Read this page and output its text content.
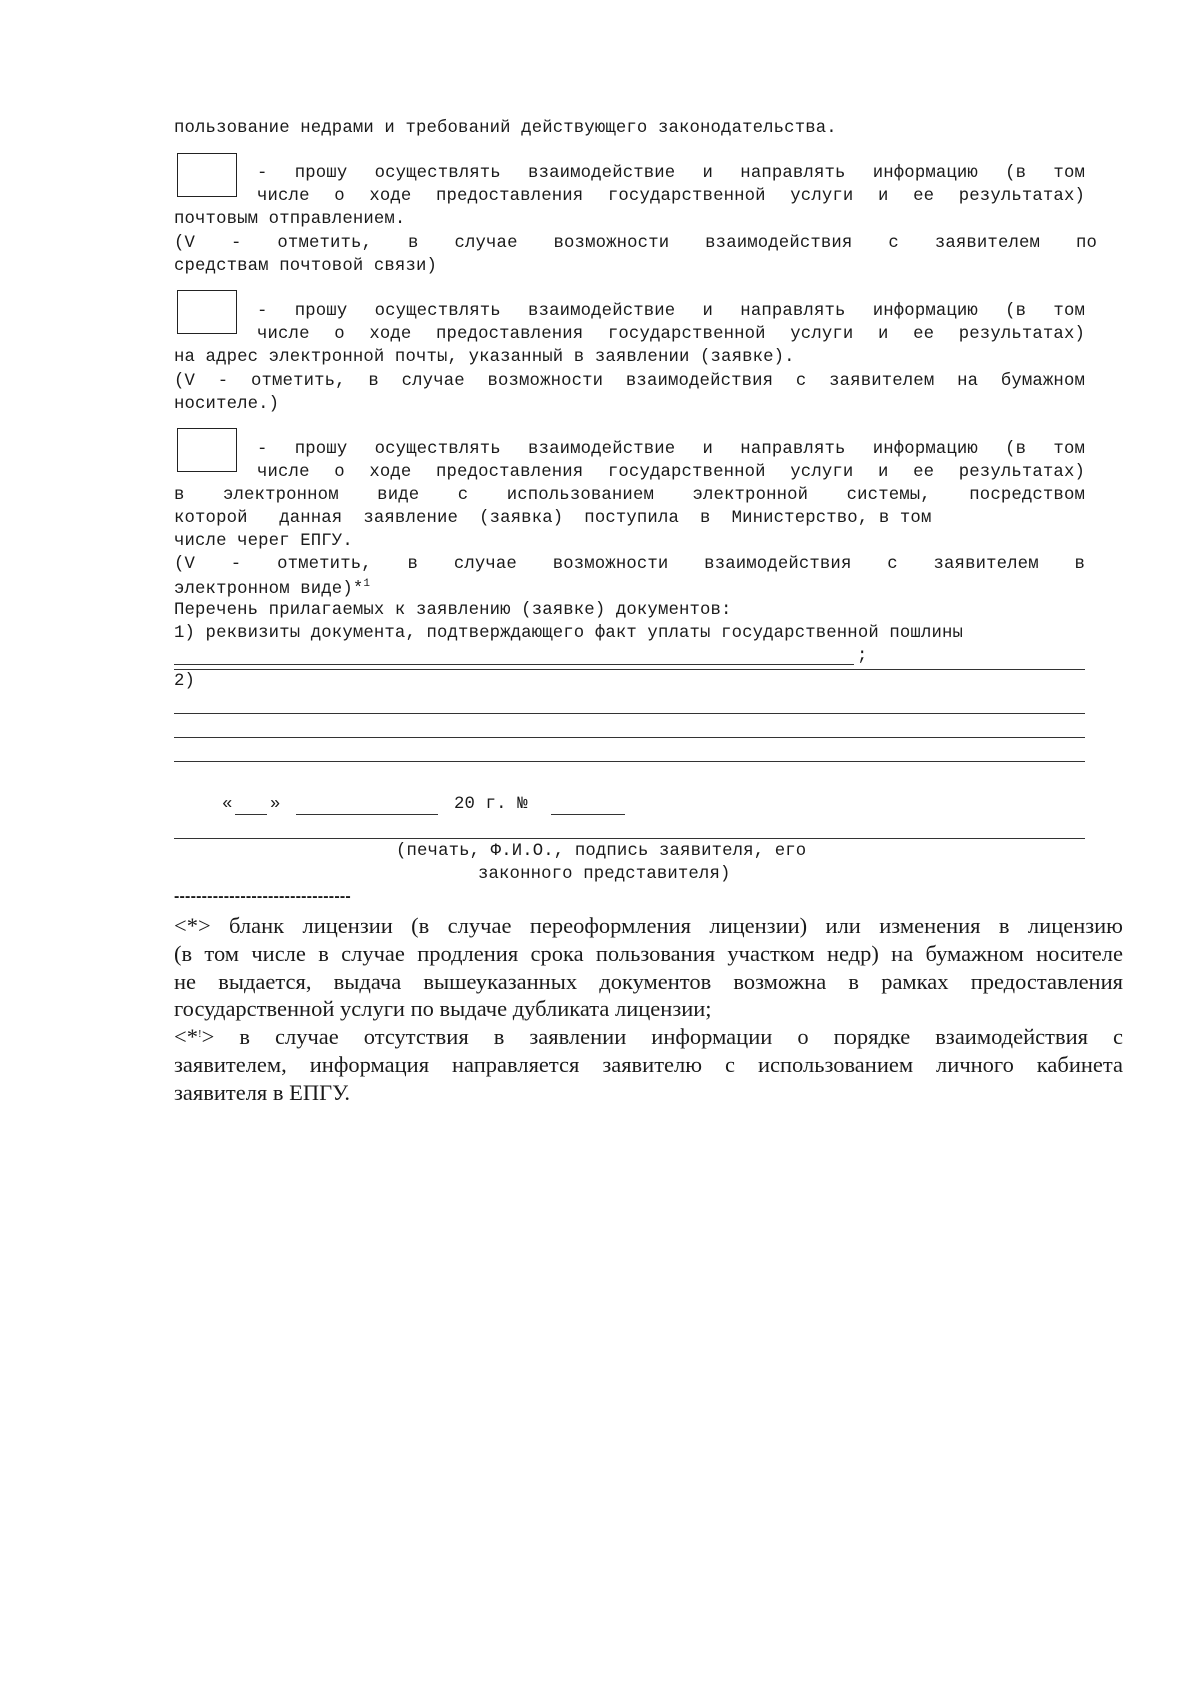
пользование недрами и требований действующего законодательства.
- прошу осуществлять взаимодействие и направлять информацию (в том
числе о ходе предоставления государственной услуги и ее результатах)
почтовым отправлением.
(V - отметить, в случае возможности взаимодействия с заявителем по
средствам почтовой связи)
- прошу осуществлять взаимодействие и направлять информацию (в том
числе о ходе предоставления государственной услуги и ее результатах)
на адрес электронной почты, указанный в заявлении (заявке).
(V - отметить, в случае возможности взаимодействия с заявителем на бумажном
носителе.)
- прошу осуществлять взаимодействие и направлять информацию (в том
числе о ходе предоставления государственной услуги и ее результатах)
в электронном виде с использованием электронной системы, посредством
которой   данная  заявление  (заявка)  поступила  в  Министерство, в том
числе черег ЕПГУ.
(V - отметить, в случае возможности взаимодействия с заявителем в
электронном виде)*$^1$
Перечень прилагаемых к заявлению (заявке) документов:
1) реквизиты документа, подтверждающего факт уплаты государственной пошлины
;
2)
« »	20 г. №
(печать, Ф.И.О., подпись заявителя, его
законного представителя)
--------------------------------
<*> бланк лицензии (в случае переоформления лицензии) или изменения в лицензию
(в том числе в случае продления срока пользования участком недр) на бумажном носителе
не выдается, выдача вышеуказанных документов возможна в рамках предоставления
государственной услуги по выдаче дубликата лицензии;
<*!> в случае отсутствия в заявлении информации о порядке взаимодействия с
заявителем, информация направляется заявителю с использованием личного кабинета
заявителя в ЕПГУ.
